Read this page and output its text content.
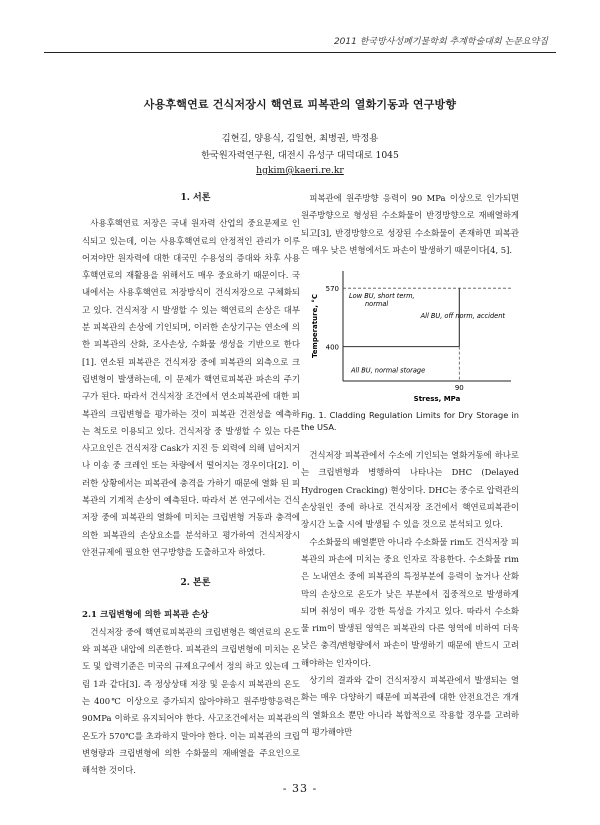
2011 한국방사성폐기물학회 추계학술대회 논문요약집
사용후핵연료 건식저장시 핵연료 피복관의 열화기동과 연구방향
김현길, 양용식, 김일현, 최병권, 박정용
한국원자력연구원, 대전시 유성구 대덕대로 1045
hgkim@kaeri.re.kr

1. 서론

사용후핵연료 저장은 국내 원자력 산업의 중요문제로 인식되고 있는데, 이는 사용후핵연료의 안정적인 관리가 이루어져야만 원자력에 대한 대국민 수용성의 증대와 차후 사용후핵연료의 재활용을 위해서도 매우 중요하기 때문이다. 국내에서는 사용후핵연료 저장방식이 건식저장으로 구체화되고 있다. 건식저장 시 발생할 수 있는 핵연료의 손상은 대부분 피복관의 손상에 기인되며, 이러한 손상기구는 연소에 의한 피복관의 산화, 조사손상, 수화물 생성을 기반으로 한다[1]. 연소된 피복관은 건식저장 중에 피복관의 외측으로 크립변형이 발생하는데, 이 문제가 핵연료피복관 파손의 주기구가 된다. 따라서 건식저장 조건에서 연소피복관에 대한 피복관의 크립변형을 평가하는 것이 피복관 건전성을 예측하는 척도로 이용되고 있다. 건식저장 중 발생할 수 있는 다른 사고요인은 건식저장 Cask가 지진 등 외력에 의해 넘어지거나 이송 중 크레인 또는 차량에서 떨어지는 경우이다[2]. 이러한 상황에서는 피복관에 충격을 가하기 때문에 열화 된 피복관의 기계적 손상이 예측된다. 따라서 본 연구에서는 건식저장 중에 피복관의 열화에 미치는 크립변형 거동과 충격에 의한 피복관의 손상요소를 분석하고 평가하여 건식저장시 안전규제에 필요한 연구방향을 도출하고자 하였다.

2. 본론

2.1 크립변형에 의한 피복관 손상

건식저장 중에 핵연료피복관의 크립변형은 핵연료의 온도와 피복관 내압에 의존한다. 피복관의 크립변형에 미치는 온도 및 압력기준은 미국의 규제요구에서 정의 하고 있는데 그림 1과 같다[3]. 즉 정상상태 저장 및 운송시 피복관의 온도는 400℃ 이상으로 증가되지 않아야하고 원주방향응력은 90MPa 이하로 유지되어야 한다. 사고조건에서는 피복관의 온도가 570℃를 초과하지 말아야 한다. 이는 피복관의 크립변형량과 크립변형에 의한 수화물의 재배열을 주요인으로 해석한 것이다.

피복관에 원주방향 응력이 90 MPa 이상으로 인가되면 원주방향으로 형성된 수소화물이 반경방향으로 재배열하게 되고[3], 반경방향으로 성장된 수소화물이 존재하면 피복관은 매우 낮은 변형에서도 파손이 발생하기 때문이다[4, 5].

570
400
90
Stress, MPa
Temperature, °C	Low BU, short term,
normal
All BU, off norm, accident
All BU, normal storage

Fig. 1. Cladding Regulation Limits for Dry Storage in the USA.

건식저장 피복관에서 수소에 기인되는 열화거동에 하나로는 크립변형과 병행하여 나타나는 DHC (Delayed Hydrogen Cracking) 현상이다. DHC는 중수로 압력관의 손상원인 중에 하나로 건식저장 조건에서 핵연료피복관이 장시간 노출 시에 발생될 수 있을 것으로 분석되고 있다.

수소화물의 배열뿐만 아니라 수소화물 rim도 건식저장 피복관의 파손에 미치는 중요 인자로 작용한다. 수소화물 rim은 노내연소 중에 피복관의 특정부분에 응력이 높거나 산화막의 손상으로 온도가 낮은 부분에서 집중적으로 발생하게 되며 취성이 매우 강한 특성을 가지고 있다. 따라서 수소화물 rim이 발생된 영역은 피복관의 다른 영역에 비하여 더욱 낮은 충격/변형량에서 파손이 발생하기 때문에 반드시 고려해야하는 인자이다.

상기의 결과와 같이 건식저장시 피복관에서 발생되는 열화는 매우 다양하기 때문에 피복관에 대한 안전요건은 개개의 열화요소 뿐만 아니라 복합적으로 작용할 경우를 고려하여 평가해야만

- 33 -
